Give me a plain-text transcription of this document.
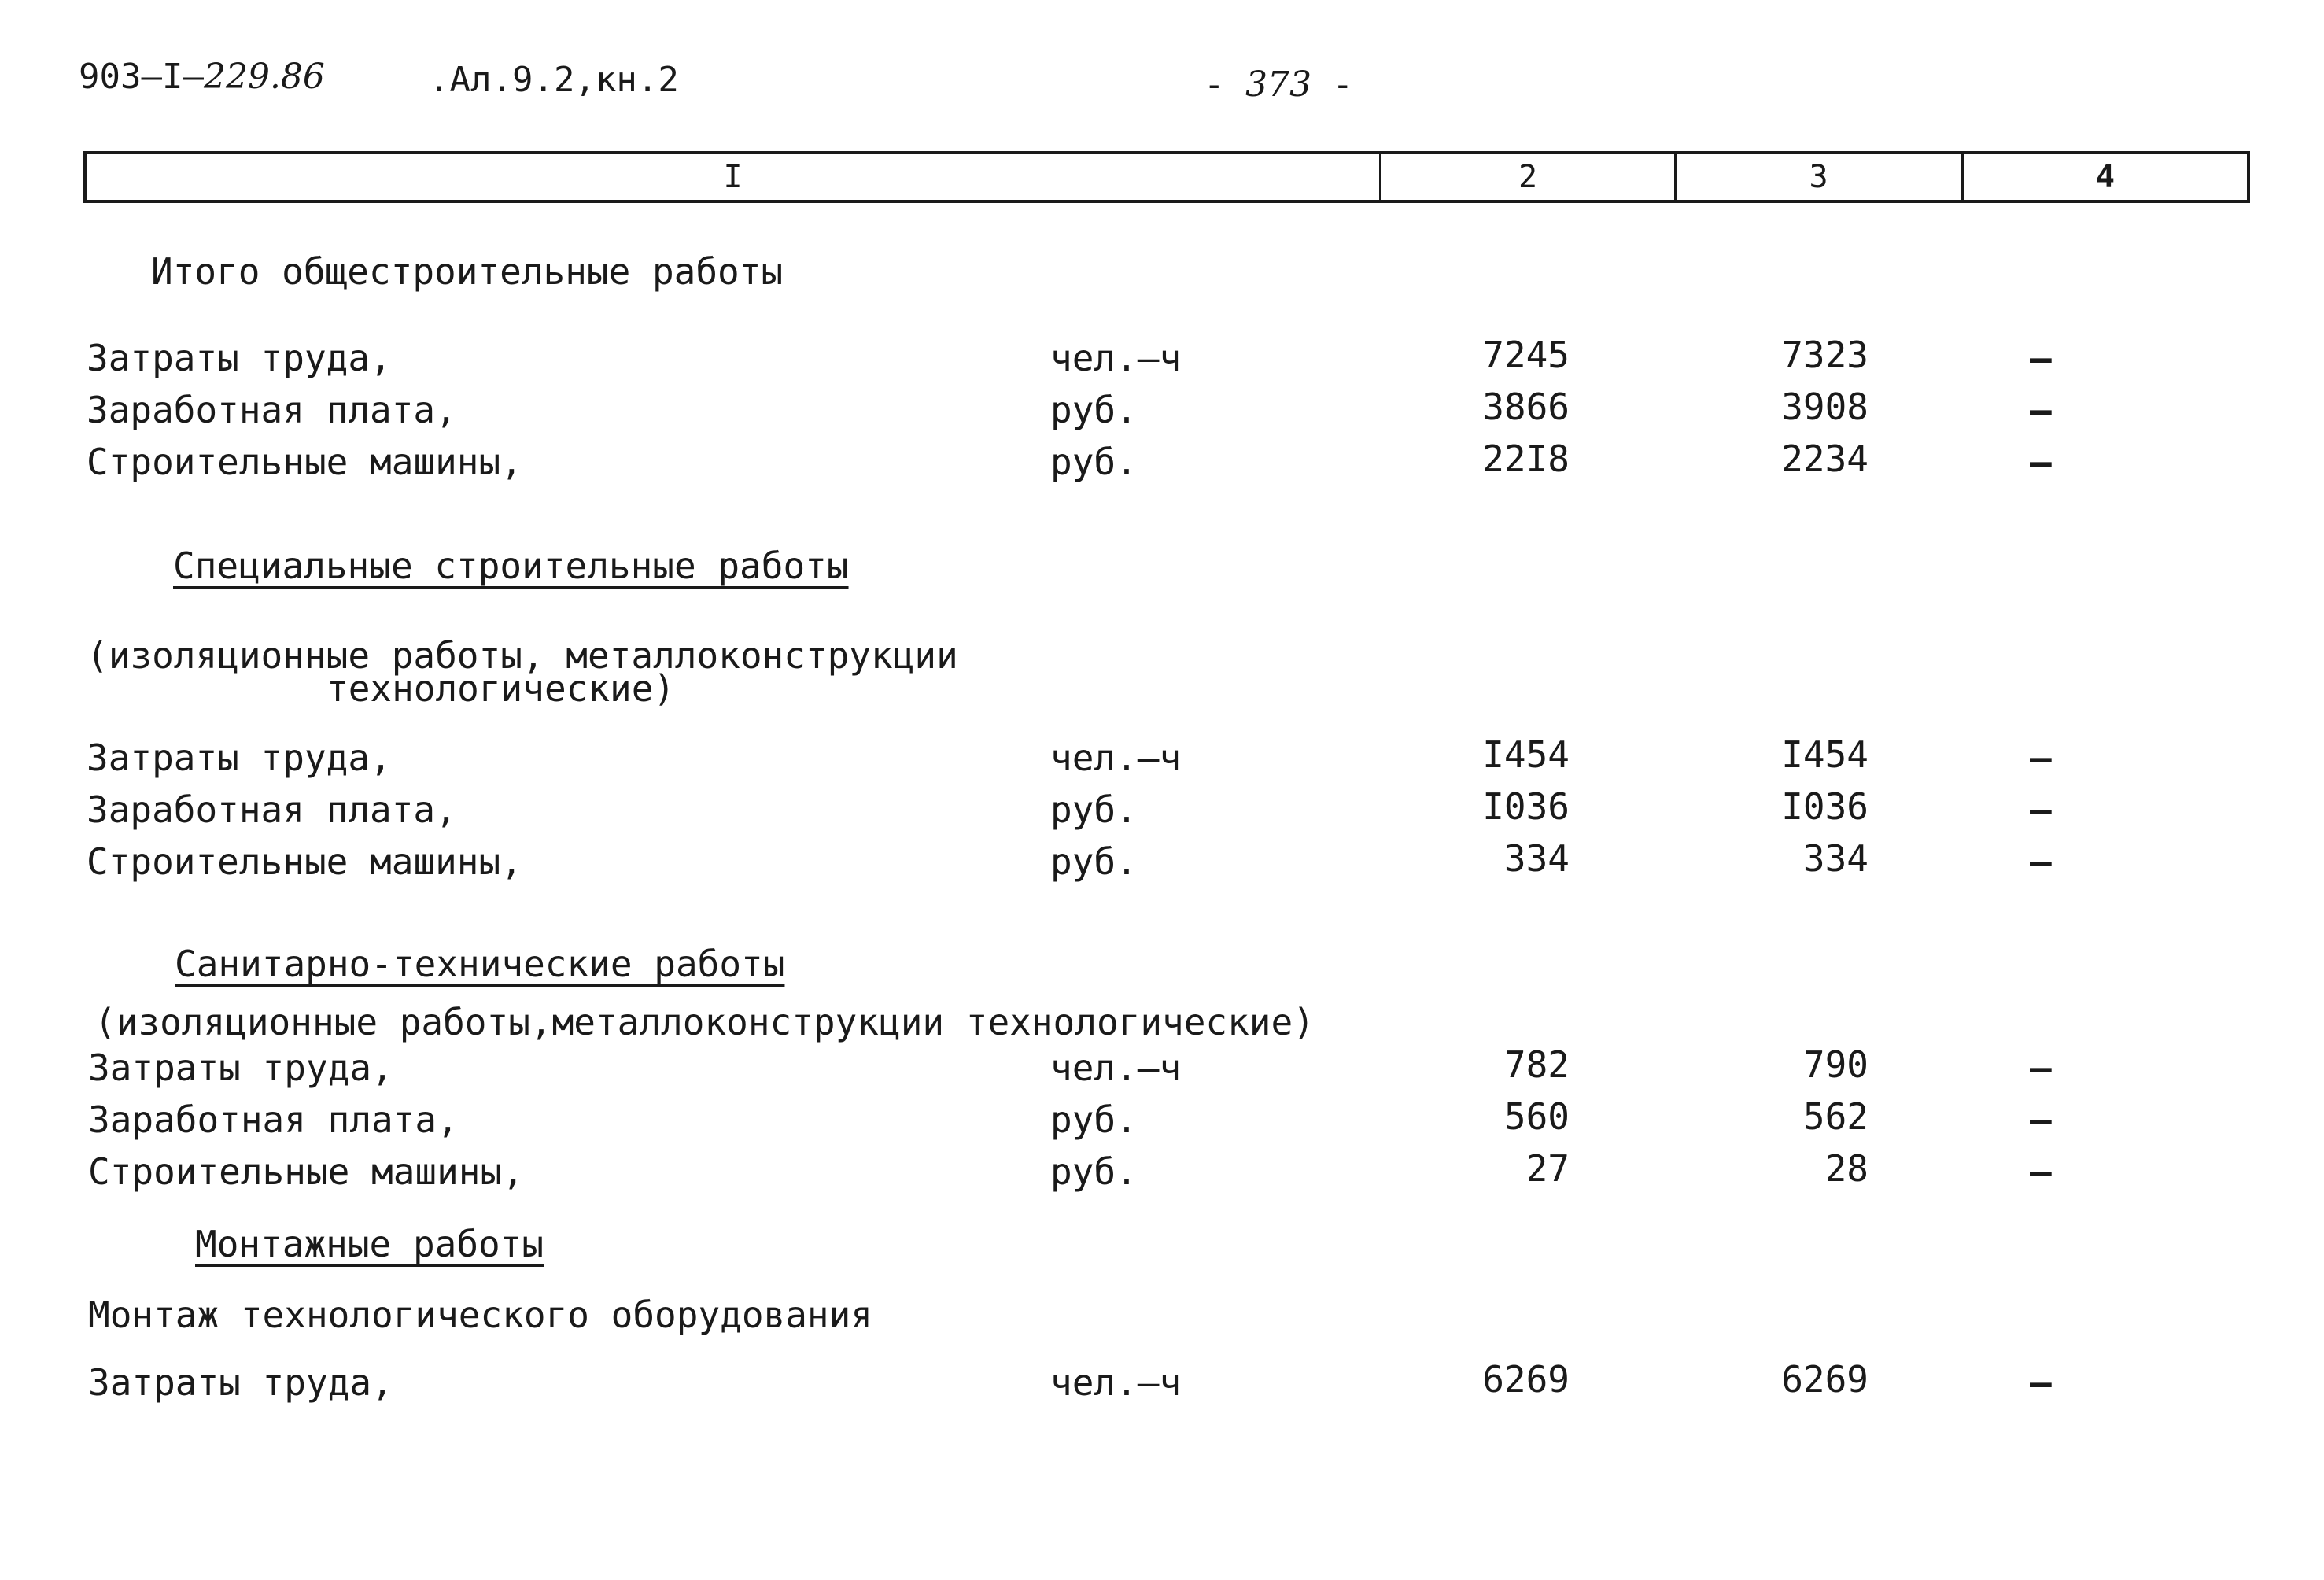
903–I–229.86	.Ал.9.2,кн.2	- 373 -
I	2	3	4
Итого общестроительные работы
Затраты труда,	чел.–ч	7245	7323	–
Заработная плата,	руб.	3866	3908	–
Строительные машины,	руб.	22I8	2234	–
Специальные строительные работы
(изоляционные работы, металлоконструкции
технологические)
Затраты труда,	чел.–ч	I454	I454	–
Заработная плата,	руб.	I036	I036	–
Строительные машины,	руб.	334	334	–
Санитарно-технические работы
(изоляционные работы,металлоконструкции технологические)
Затраты труда,	чел.–ч	782	790	–
Заработная плата,	руб.	560	562	–
Строительные машины,	руб.	27	28	–
Монтажные работы
Монтаж технологического оборудования
Затраты труда,	чел.–ч	6269	6269	–
